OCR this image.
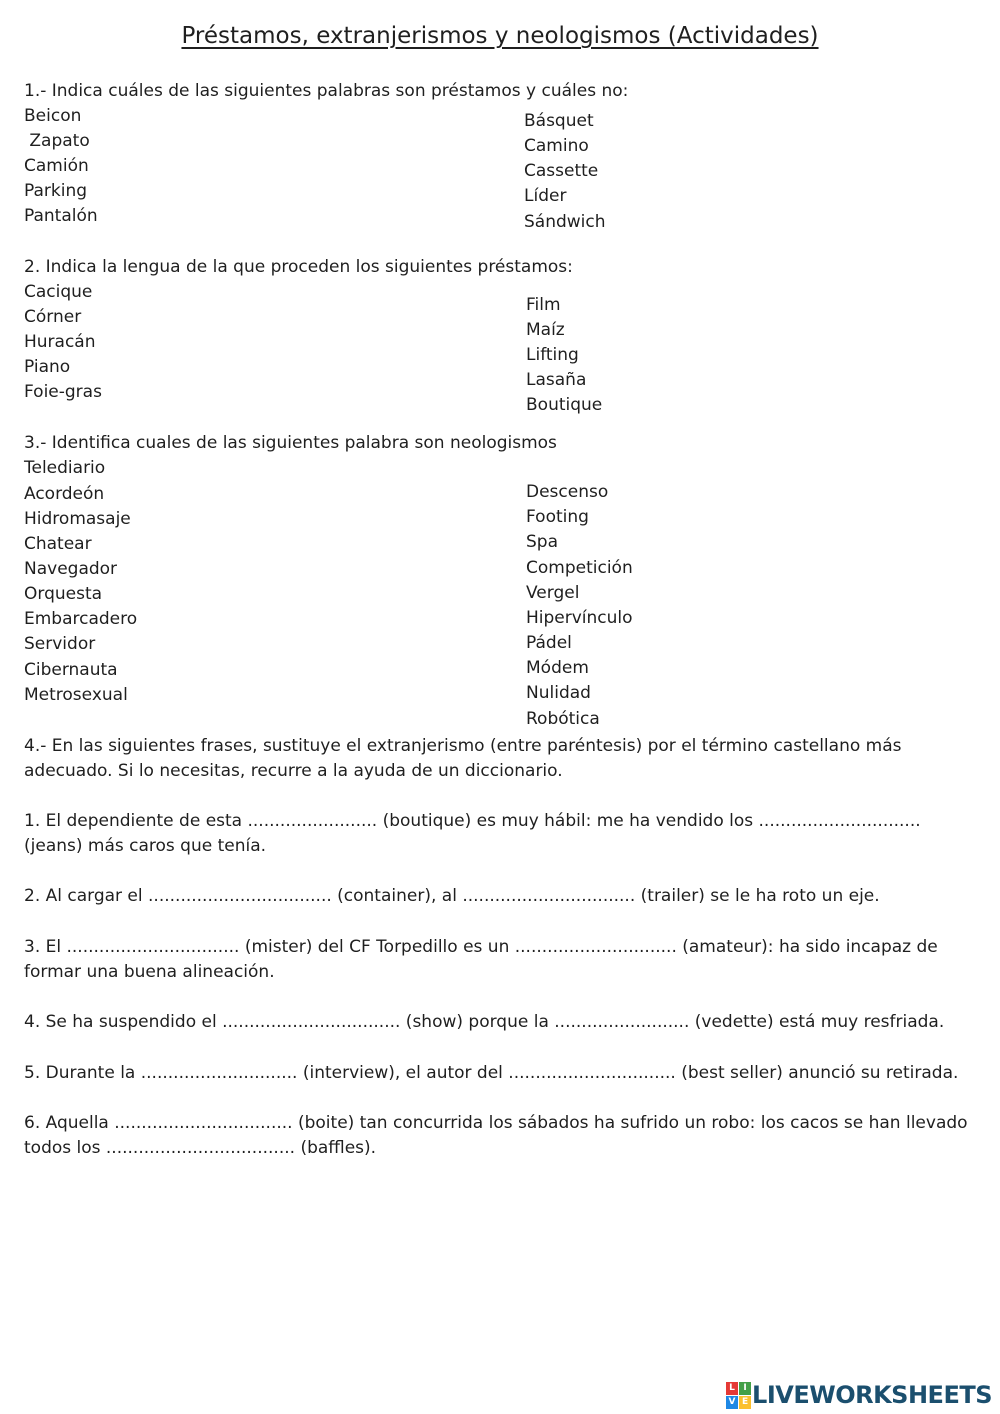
Préstamos, extranjerismos y neologismos (Actividades)
1.- Indica cuáles de las siguientes palabras son préstamos y cuáles no:
Beicon
Zapato
Camión
Parking
Pantalón
Básquet
Camino
Cassette
Líder
Sándwich
2. Indica la lengua de la que proceden los siguientes préstamos:
Cacique
Córner
Huracán
Piano
Foie-gras
Film
Maíz
Lifting
Lasaña
Boutique
3.- Identifica cuales de las siguientes palabra son neologismos
Telediario
Acordeón
Hidromasaje
Chatear
Navegador
Orquesta
Embarcadero
Servidor
Cibernauta
Metrosexual
Descenso
Footing
Spa
Competición
Vergel
Hipervínculo
Pádel
Módem
Nulidad
Robótica
4.- En las siguientes frases, sustituye el extranjerismo (entre paréntesis) por el término castellano más adecuado. Si lo necesitas, recurre a la ayuda de un diccionario.
1. El dependiente de esta ........................ (boutique) es muy hábil: me ha vendido los .............................. (jeans) más caros que tenía.
2. Al cargar el .................................. (container), al ................................ (trailer) se le ha roto un eje.
3. El ................................ (mister) del CF Torpedillo es un .............................. (amateur): ha sido incapaz de formar una buena alineación.
4. Se ha suspendido el ................................. (show) porque la ......................... (vedette) está muy resfriada.
5. Durante la ............................. (interview), el autor del ............................... (best seller) anunció su retirada.
6. Aquella ................................. (boite) tan concurrida los sábados ha sufrido un robo: los cacos se han llevado todos los ................................... (baffles).
L I
V E LIVEWORKSHEETS
